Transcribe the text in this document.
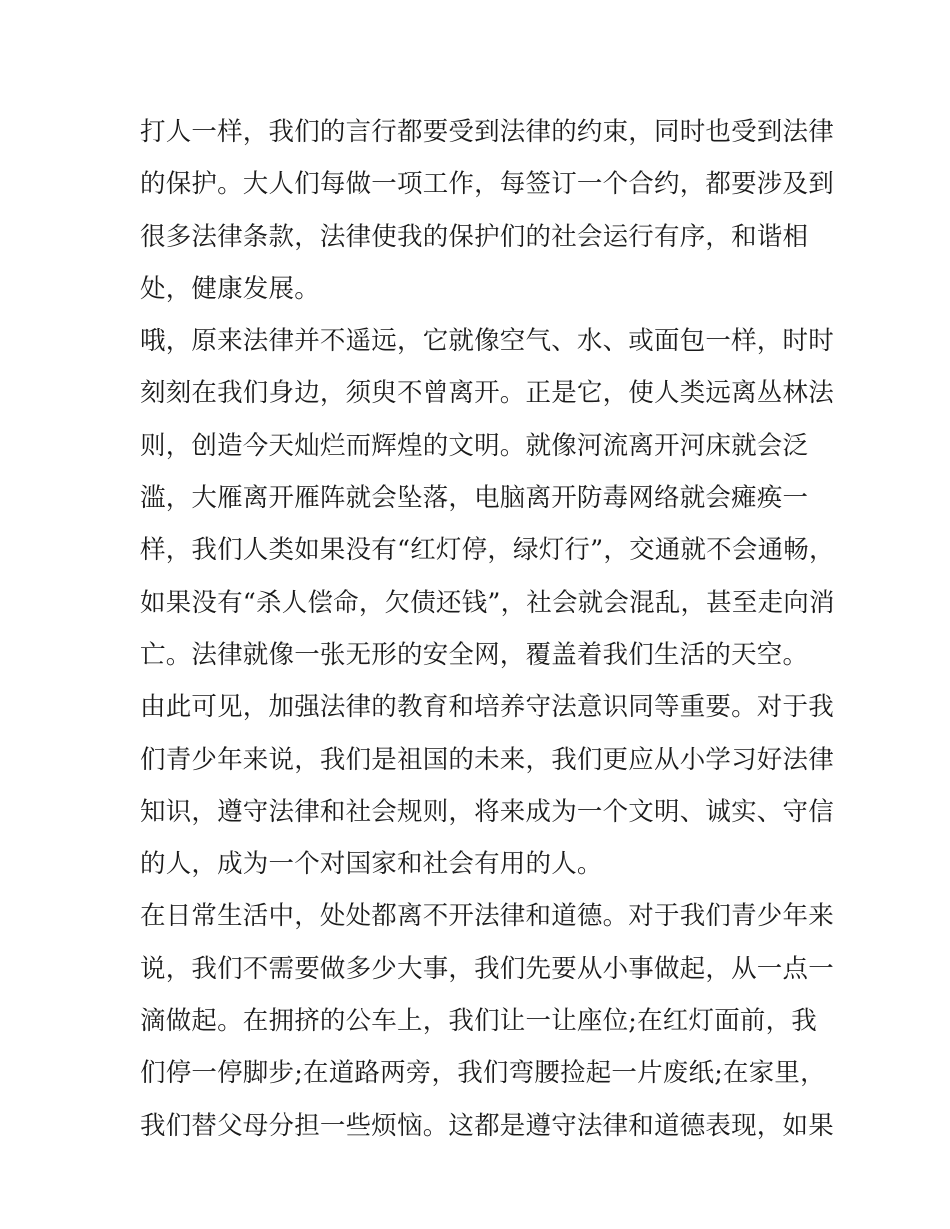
打人一样，我们的言行都要受到法律的约束，同时也受到法律
的保护。大人们每做一项工作，每签订一个合约，都要涉及到
很多法律条款，法律使我的保护们的社会运行有序，和谐相
处，健康发展。
哦，原来法律并不遥远，它就像空气、水、或面包一样，时时
刻刻在我们身边，须臾不曾离开。正是它，使人类远离丛林法
则，创造今天灿烂而辉煌的文明。就像河流离开河床就会泛
滥，大雁离开雁阵就会坠落，电脑离开防毒网络就会瘫痪一
样，我们人类如果没有“红灯停，绿灯行”，交通就不会通畅，
如果没有“杀人偿命，欠债还钱”，社会就会混乱，甚至走向消
亡。法律就像一张无形的安全网，覆盖着我们生活的天空。
由此可见，加强法律的教育和培养守法意识同等重要。对于我
们青少年来说，我们是祖国的未来，我们更应从小学习好法律
知识，遵守法律和社会规则，将来成为一个文明、诚实、守信
的人，成为一个对国家和社会有用的人。
在日常生活中，处处都离不开法律和道德。对于我们青少年来
说，我们不需要做多少大事，我们先要从小事做起，从一点一
滴做起。在拥挤的公车上，我们让一让座位;在红灯面前，我
们停一停脚步;在道路两旁，我们弯腰捡起一片废纸;在家里，
我们替父母分担一些烦恼。这都是遵守法律和道德表现，如果
